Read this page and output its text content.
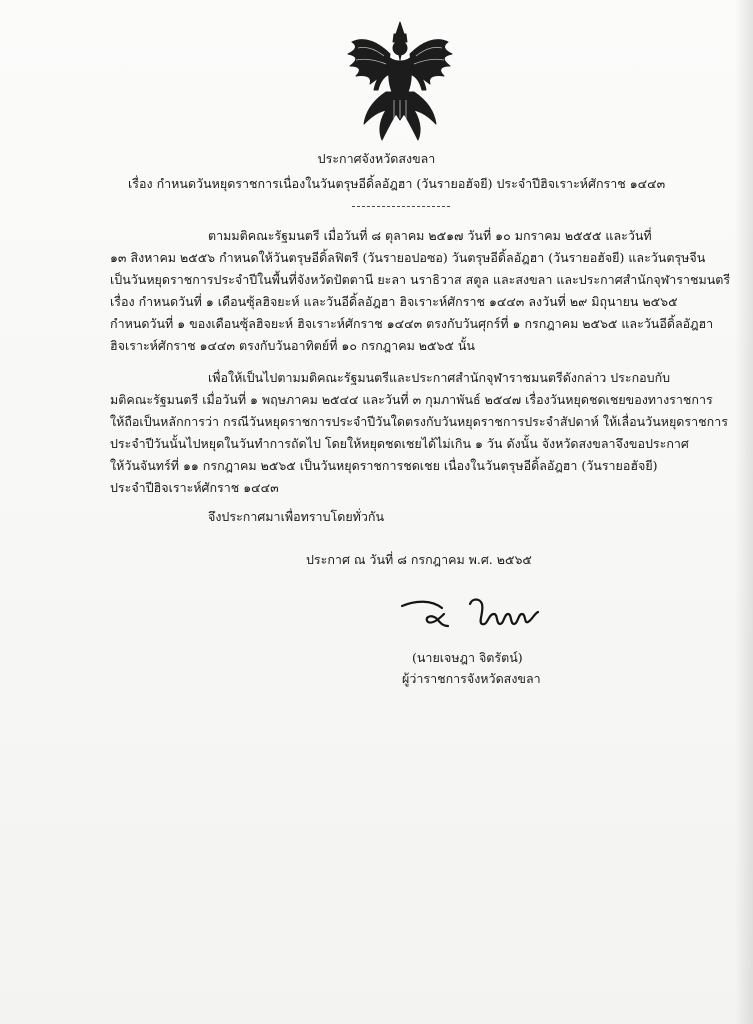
ประกาศจังหวัดสงขลา
เรื่อง กำหนดวันหยุดราชการเนื่องในวันตรุษอีดิ้ลอัฎฮา (วันรายอฮัจยี) ประจำปีฮิจเราะห์ศักราช ๑๔๔๓
ตามมติคณะรัฐมนตรี เมื่อวันที่ ๘ ตุลาคม ๒๕๑๗ วันที่ ๑๐ มกราคม ๒๕๕๕ และวันที่
๑๓ สิงหาคม ๒๕๕๖ กำหนดให้วันตรุษอีดิ้ลฟิตรี (วันรายอปอซอ) วันตรุษอีดิ้ลอัฎฮา (วันรายอฮัจยี) และวันตรุษจีน
เป็นวันหยุดราชการประจำปีในพื้นที่จังหวัดปัตตานี ยะลา นราธิวาส สตูล และสงขลา และประกาศสำนักจุฬาราชมนตรี
เรื่อง กำหนดวันที่ ๑ เดือนซุ้ลฮิจยะห์ และวันอีดิ้ลอัฎฮา ฮิจเราะห์ศักราช ๑๔๔๓ ลงวันที่ ๒๙ มิถุนายน ๒๕๖๕
กำหนดวันที่ ๑ ของเดือนซุ้ลฮิจยะห์ ฮิจเราะห์ศักราช ๑๔๔๓ ตรงกับวันศุกร์ที่ ๑ กรกฎาคม ๒๕๖๕ และวันอีดิ้ลอัฎฮา
ฮิจเราะห์ศักราช ๑๔๔๓ ตรงกับวันอาทิตย์ที่ ๑๐ กรกฎาคม ๒๕๖๕ นั้น
เพื่อให้เป็นไปตามมติคณะรัฐมนตรีและประกาศสำนักจุฬาราชมนตรีดังกล่าว ประกอบกับ
มติคณะรัฐมนตรี เมื่อวันที่ ๑ พฤษภาคม ๒๕๔๔ และวันที่ ๓ กุมภาพันธ์ ๒๕๔๗ เรื่องวันหยุดชดเชยของทางราชการ
ให้ถือเป็นหลักการว่า กรณีวันหยุดราชการประจำปีวันใดตรงกับวันหยุดราชการประจำสัปดาห์ ให้เลื่อนวันหยุดราชการ
ประจำปีวันนั้นไปหยุดในวันทำการถัดไป โดยให้หยุดชดเชยได้ไม่เกิน ๑ วัน ดังนั้น จังหวัดสงขลาจึงขอประกาศ
ให้วันจันทร์ที่ ๑๑ กรกฎาคม ๒๕๖๕ เป็นวันหยุดราชการชดเชย เนื่องในวันตรุษอีดิ้ลอัฎฮา (วันรายอฮัจยี)
ประจำปีฮิจเราะห์ศักราช ๑๔๔๓
จึงประกาศมาเพื่อทราบโดยทั่วกัน
ประกาศ ณ วันที่ ๘ กรกฎาคม พ.ศ. ๒๕๖๕
(นายเจษฎา จิตรัตน์)
ผู้ว่าราชการจังหวัดสงขลา
